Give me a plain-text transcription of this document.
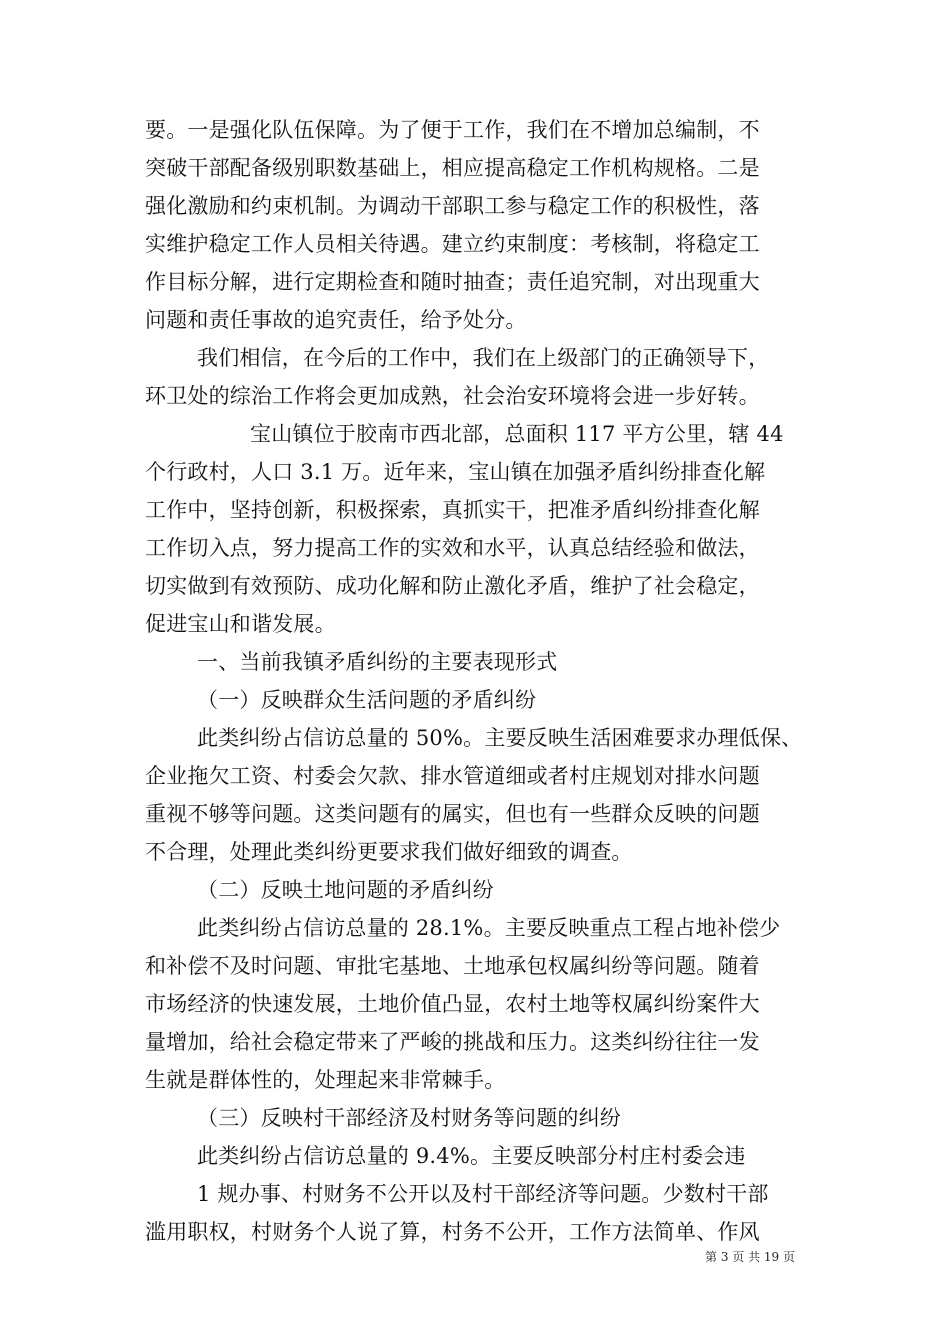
要。一是强化队伍保障。为了便于工作，我们在不增加总编制，不
突破干部配备级别职数基础上，相应提高稳定工作机构规格。二是
强化激励和约束机制。为调动干部职工参与稳定工作的积极性，落
实维护稳定工作人员相关待遇。建立约束制度：考核制，将稳定工
作目标分解，进行定期检查和随时抽查；责任追究制，对出现重大
问题和责任事故的追究责任，给予处分。
我们相信，在今后的工作中，我们在上级部门的正确领导下，
环卫处的综治工作将会更加成熟，社会治安环境将会进一步好转。
宝山镇位于胶南市西北部，总面积 117 平方公里，辖 44
个行政村，人口 3.1 万。近年来，宝山镇在加强矛盾纠纷排查化解
工作中，坚持创新，积极探索，真抓实干，把准矛盾纠纷排查化解
工作切入点，努力提高工作的实效和水平，认真总结经验和做法，
切实做到有效预防、成功化解和防止激化矛盾，维护了社会稳定，
促进宝山和谐发展。
一、当前我镇矛盾纠纷的主要表现形式
（一）反映群众生活问题的矛盾纠纷
此类纠纷占信访总量的 50%。主要反映生活困难要求办理低保、
企业拖欠工资、村委会欠款、排水管道细或者村庄规划对排水问题
重视不够等问题。这类问题有的属实，但也有一些群众反映的问题
不合理，处理此类纠纷更要求我们做好细致的调查。
（二）反映土地问题的矛盾纠纷
此类纠纷占信访总量的 28.1%。主要反映重点工程占地补偿少
和补偿不及时问题、审批宅基地、土地承包权属纠纷等问题。随着
市场经济的快速发展，土地价值凸显，农村土地等权属纠纷案件大
量增加，给社会稳定带来了严峻的挑战和压力。这类纠纷往往一发
生就是群体性的，处理起来非常棘手。
（三）反映村干部经济及村财务等问题的纠纷
此类纠纷占信访总量的 9.4%。主要反映部分村庄村委会违
1 规办事、村财务不公开以及村干部经济等问题。少数村干部
滥用职权，村财务个人说了算，村务不公开，工作方法简单、作风
第 3 页 共 19 页
